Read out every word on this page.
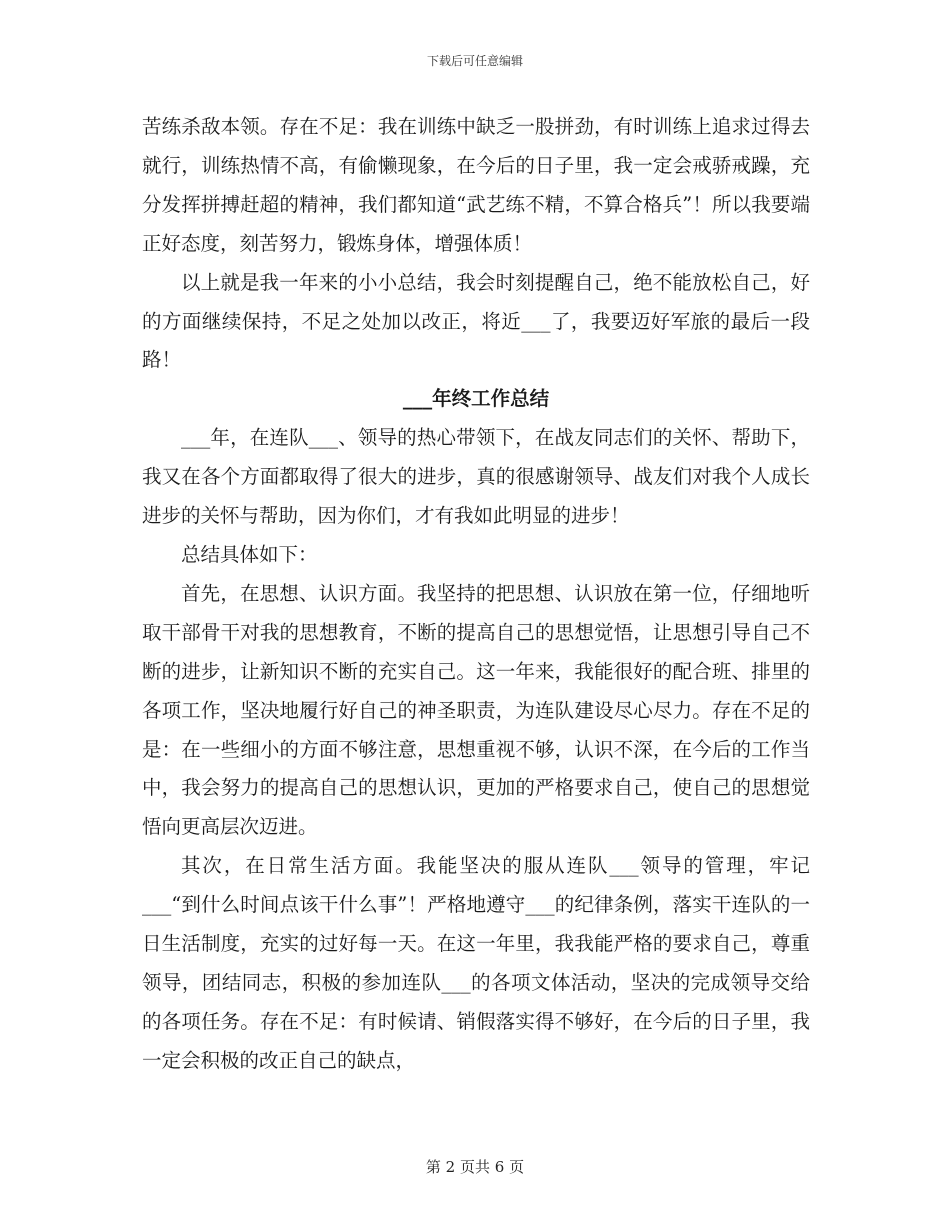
下载后可任意编辑

苦练杀敌本领。存在不足：我在训练中缺乏一股拼劲，有时训练上追求过得去就行，训练热情不高，有偷懒现象，在今后的日子里，我一定会戒骄戒躁，充分发挥拼搏赶超的精神，我们都知道“武艺练不精，不算合格兵”！所以我要端正好态度，刻苦努力，锻炼身体，增强体质！

以上就是我一年来的小小总结，我会时刻提醒自己，绝不能放松自己，好的方面继续保持，不足之处加以改正，将近___了，我要迈好军旅的最后一段路！

___年终工作总结

___年，在连队___、领导的热心带领下，在战友同志们的关怀、帮助下，我又在各个方面都取得了很大的进步，真的很感谢领导、战友们对我个人成长进步的关怀与帮助，因为你们，才有我如此明显的进步！

总结具体如下：

首先，在思想、认识方面。我坚持的把思想、认识放在第一位，仔细地听取干部骨干对我的思想教育，不断的提高自己的思想觉悟，让思想引导自己不断的进步，让新知识不断的充实自己。这一年来，我能很好的配合班、排里的各项工作，坚决地履行好自己的神圣职责，为连队建设尽心尽力。存在不足的是：在一些细小的方面不够注意，思想重视不够，认识不深，在今后的工作当中，我会努力的提高自己的思想认识，更加的严格要求自己，使自己的思想觉悟向更高层次迈进。

其次，在日常生活方面。我能坚决的服从连队___领导的管理，牢记___“到什么时间点该干什么事”！严格地遵守___的纪律条例，落实干连队的一日生活制度，充实的过好每一天。在这一年里，我我能严格的要求自己，尊重领导，团结同志，积极的参加连队___的各项文体活动，坚决的完成领导交给的各项任务。存在不足：有时候请、销假落实得不够好，在今后的日子里，我一定会积极的改正自己的缺点，

第 2 页共 6 页
